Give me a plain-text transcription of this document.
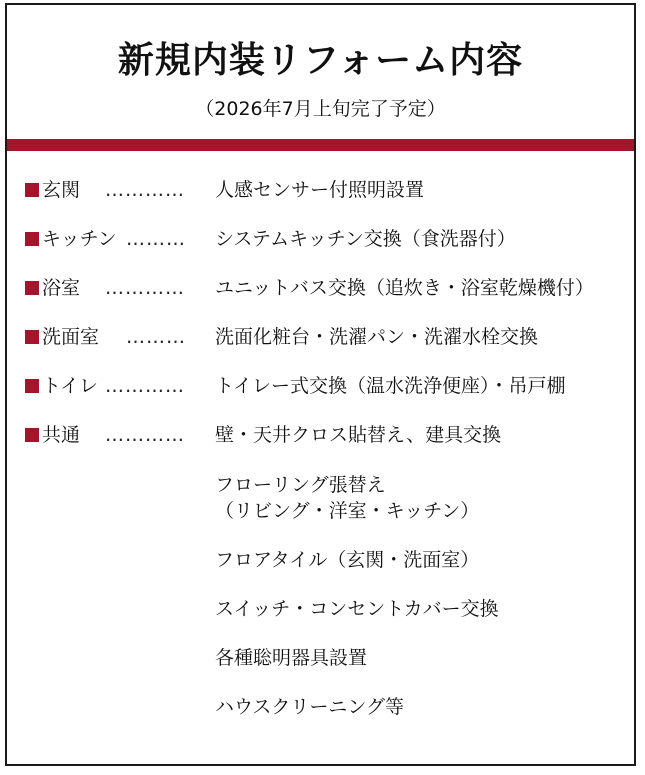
新規内装リフォーム内容
（2026年7月上旬完了予定）
玄関 ………… 人感センサー付照明設置
キッチン ……… システムキッチン交換（食洗器付）
浴室 ………… ユニットバス交換（追炊き・浴室乾燥機付）
洗面室 ……… 洗面化粧台・洗濯パン・洗濯水栓交換
トイレ ………… トイレー式交換（温水洗浄便座）・吊戸棚
共通 ………… 壁・天井クロス貼替え、建具交換
フローリング張替え
（リビング・洋室・キッチン）
フロアタイル（玄関・洗面室）
スイッチ・コンセントカバー交換
各種聡明器具設置
ハウスクリーニング等
